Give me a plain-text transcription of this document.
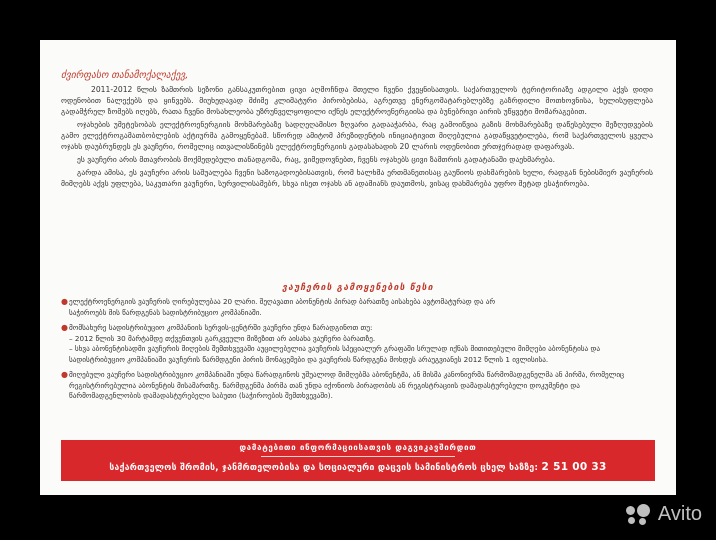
ძვირფასო თანამოქალაქევ,

2011-2012 წლის ზამთრის სეზონი განსაკუთრებით ცივი აღმოჩნდა მთელი ჩვენი ქვეყნისათვის. საქართველოს ტერიტორიაზე ადგილი აქვს დიდი ოდენობით ნალექებს და ყინვებს. მიუხედავად მძიმე კლიმატური პირობებისა, აგრეთვე ენერგომატარებლებზე გაზრდილი მოთხოვნისა, ხელისუფლება გადამჭრელ ზომებს იღებს, რათა ჩვენი მოსახლეობა უზრუნველყოფილი იქნეს ელექტროენერგიისა და ბუნებრივი აირის უწყვეტი მომარაგებით.

ოჯახების უმეტესობას ელექტროენერგიის მოხმარებაზე სადღეღამისო ზღვარი გადააჭარბა, რაც გამოიწვია გაზის მოხმარებაზე დაწესებული შეზღუდვების გამო ელექტროგამათბობლების აქტიურმა გამოყენებამ. სწორედ ამიტომ პრეზიდენტის ინიციატივით მიღებულია გადაწყვეტილება, რომ საქართველოს ყველა ოჯახს დაუბრუნდეს ეს ვაუჩერი, რომელიც ითვალისწინებს ელექტროენერგიის გადასახადის 20 ლარის ოდენობით ერთჯერადად დაფარვას.

ეს ვაუჩერი არის მთავრობის მოქმედებული თანადგომა, რაც, ვიმედოვნებთ, ჩვენს ოჯახებს ცივი ზამთრის გადატანაში დაეხმარება.

გარდა ამისა, ეს ვაუჩერი არის საშუალება ჩვენი საზოგადოებისათვის, რომ ხალხმა ერთმანეთისაც გაუწიოს დახმარების ხელი, რადგან ნებისმიერ ვაუჩერის მიმღებს აქვს უფლება, საკუთარი ვაუჩერი, სურვილისამებრ, სხვა ისეთ ოჯახს ან ადამიანს დაუთმოს, ვისაც დახმარება უფრო მეტად ესაჭიროება.

ვაუჩერის გამოყენების წესი
● ელექტროენერგიის ვაუჩერის ღირებულებაა 20 ლარი. შეღავათი აბონენტის პირად ბარათზე აისახება ავტომატურად და არ
საჭიროებს მის წარდგენას სადისტრიბუციო კომპანიაში.
● მომსახურე სადისტრიბუციო კომპანიის სერვის-ცენტრში ვაუჩერი უნდა წარადგინოთ თუ:
– 2012 წლის 30 მარტამდე თქვენთვის გარკვეული მიზეზით არ აისახა ვაუჩერი ბარათზე.
– სხვა აბონენტისადმი ვაუჩერის მიღების შემთხვევაში აუცილებელია ვაუჩერის სპეციალურ გრაფაში სრულად იქნას მითითებული მიმღები აბონენტისა და სადისტრიბუციო კომპანიაში ვაუჩერის წარმდგენი პირის მონაცემები და ვაუჩერის წარდგენა მოხდეს არაუგვიანეს 2012 წლის 1 ივლისისა.
● მიღებული ვაუჩერი სადისტრიბუციო კომპანიაში უნდა წარადგინოს უშუალოდ მიმღებმა აბონენტმა, ან მისმა კანონიერმა წარმომადგენელმა ან პირმა, რომელიც რეგისტრირებულია აბონენტის მისამართზე. წარმდგენმა პირმა თან უნდა იქონიოს პირადობის ან რეგისტრაციის დამადასტურებელი დოკუმენტი და წარმომადგენლობის დამადასტურებელი საბუთი (საჭიროების შემთხვევაში).
დამატებითი ინფორმაციისათვის დაგვიკავშირდით
საქართველოს შრომის, ჯანმრთელობისა და სოციალური დაცვის სამინისტროს ცხელ ხაზზე: 2 51 00 33
Avito
